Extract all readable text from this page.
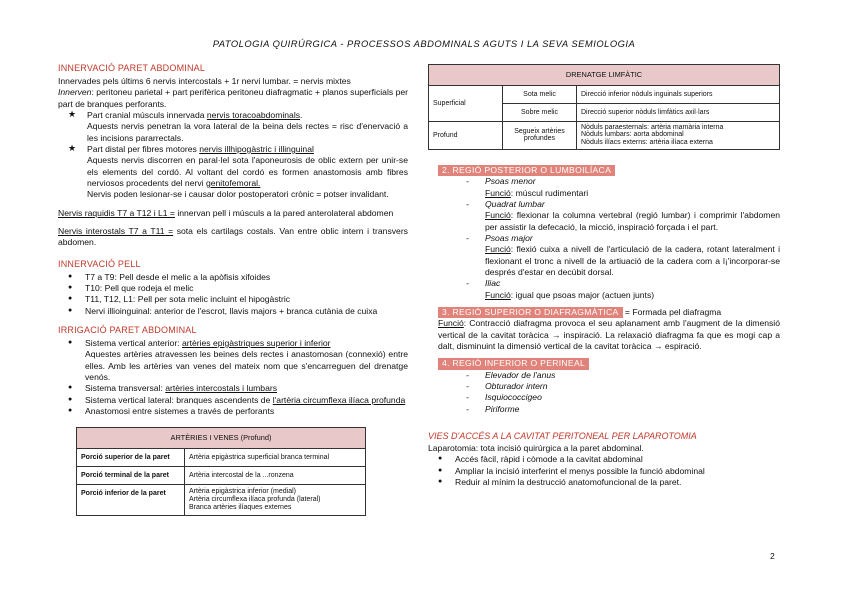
PATOLOGIA QUIRÚRGICA - PROCESSOS ABDOMINALS AGUTS I LA SEVA SEMIOLOGIA
INNERVACIÓ PARET ABDOMINAL

Innervades pels últims 6 nervis intercostals + 1r nervi lumbar. = nervis mixtes

Innerven: peritoneu parietal + part perifèrica peritoneu diafragmatic + planos superficials per part de branques perforants.

★ Part cranial músculs innervada nervis toracoabdominals.

Aquests nervis penetran la vora lateral de la beina dels rectes = risc d'enervació a les incisions pararrectals.

★ Part distal per fibres motores nervis illhipogàstric i illinguinal

Aquests nervis discorren en paral·lel sota l'aponeurosis de oblic extern per unir-se els elements del cordó. Al voltant del cordó es formen anastomosis amb fibres nerviosos procedents del nervi genitofemoral.

Nervis poden lesionar-se i causar dolor postoperatori crònic = potser invalidant.

Nervis raquidis T7 a T12 i L1 = innervan pell i músculs a la pared anterolateral abdomen

Nervis interostals T7 a T11 = sota els cartilags costals. Van entre oblic intern i transvers abdomen.

INNERVACIÓ PELL
● T7 a T9: Pell desde el melic a la apòfisis xifoides
● T10: Pell que rodeja el melic
● T11, T12, L1: Pell per sota melic incluint el hipogàstric
● Nervi illioinguinal: anterior de l'escrot, llavis majors + branca cutània de cuixa
IRRIGACIÓ PARET ABDOMINAL
● Sistema vertical anterior: artèries epigàstriques superior i inferior

Aquestes artèries atravessen les beines dels rectes i anastomosan (connexió) entre elles. Amb les artèries van venes del mateix nom que s'encarreguen del drenatge venós.

● Sistema transversal: artèries intercostals i lumbars
● Sistema vertical lateral: branques ascendents de l'artèria circumflexa ilíaca profunda
● Anastomosi entre sistemes a través de perforants
ARTÈRIES I VENES (Profund)	
Porció superior de la paret	Artèria epigàstrica superficial branca terminal
Porció terminal de la paret	Artèria intercostal de la ...ronzena
Porció inferior de la paret	Artèria epigàstrica inferior (medial)
Artèria circumflexa ilíaca profunda (lateral)
Branca artèries ilíaques externes
DRENATGE LIMFÀTIC		
Superficial	Sota melic	Direcció inferior nòduls inguinals superiors
	Sobre melic	Direcció superior nòduls limfàtics axil·lars
Profund	Segueix artèries profundes	Nòduls paraesternals: artèria mamària interna
Nòduls lumbars: aorta abdominal
Nòduls ilíacs externs: artèria ilíaca externa
2. REGIÓ POSTERIOR O LUMBOILÍACA
- Psoas menor

Funció: múscul rudimentari

- Quadrat lumbar

Funció: flexionar la columna vertebral (regió lumbar) i comprimir l'abdomen per assistir la defecació, la micció, inspiració forçada i el part.

- Psoas major

Funció: flexió cuixa a nivell de l'articulació de la cadera, rotant lateralment i flexionant el tronc a nivell de la artiuació de la cadera com a l¡'incorporar-se després d'estar en decúbit dorsal.

- Iliac

Funció: igual que psoas major (actuen junts)

3. REGIÓ SUPERIOR O DIAFRAGMÀTICA = Formada pel diafragma

Funció: Contracció diafragma provoca el seu aplanament amb l'augment de la dimensió vertical de la cavitat toràcica → inspiració. La relaxació diafragma fa que es mogi cap a dalt, disminuint la dimensió vertical de la cavitat toràcica → espiració.

4. REGIÓ INFERIOR O PERINEAL
- Elevador de l'anus
- Obturador intern
- Isquiococcigeo
- Piriforme
VIES D'ACCÉS A LA CAVITAT PERITONEAL PER LAPAROTOMIA

Laparotomia: tota incisió quirúrgica a la paret abdominal.

● Accés fàcil, ràpid i còmode a la cavitat abdominal
● Ampliar la incisió interferint el menys possible la funció abdominal
● Reduir al mínim la destrucció anatomofuncional de la paret.
2
